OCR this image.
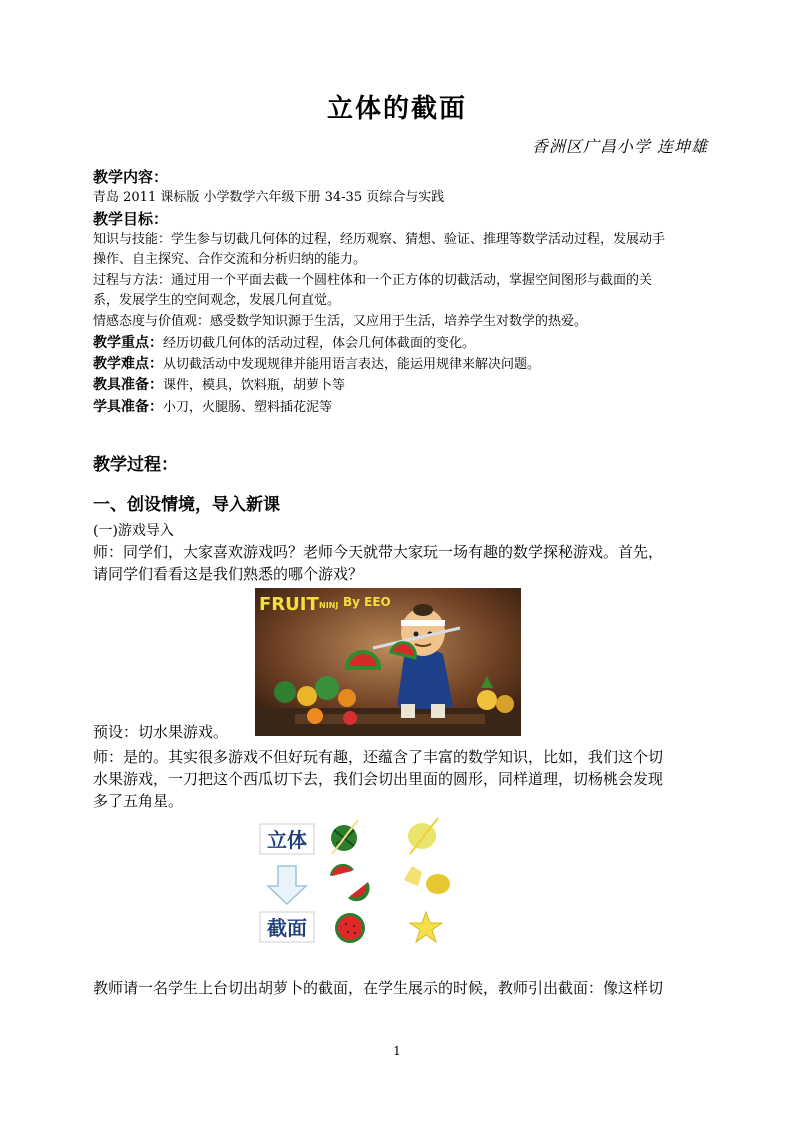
立体的截面
香洲区广昌小学 连坤雄
教学内容：
青岛 2011 课标版 小学数学六年级下册 34-35 页综合与实践
教学目标：
知识与技能：学生参与切截几何体的过程，经历观察、猜想、验证、推理等数学活动过程，发展动手
操作、自主探究、合作交流和分析归纳的能力。
过程与方法：通过用一个平面去截一个圆柱体和一个正方体的切截活动，掌握空间图形与截面的关
系，发展学生的空间观念，发展几何直觉。
情感态度与价值观：感受数学知识源于生活，又应用于生活，培养学生对数学的热爱。
教学重点：经历切截几何体的活动过程，体会几何体截面的变化。
教学难点：从切截活动中发现规律并能用语言表达，能运用规律来解决问题。
教具准备：课件，模具，饮料瓶，胡萝卜等
学具准备：小刀，火腿肠、塑料插花泥等
教学过程：
一、创设情境，导入新课
(一)游戏导入
师：同学们，大家喜欢游戏吗？老师今天就带大家玩一场有趣的数学探秘游戏。首先，
请同学们看看这是我们熟悉的哪个游戏？
FRUIT NINJ By EEO
预设：切水果游戏。
师：是的。其实很多游戏不但好玩有趣，还蕴含了丰富的数学知识，比如，我们这个切
水果游戏，一刀把这个西瓜切下去，我们会切出里面的圆形，同样道理，切杨桃会发现
多了五角星。
立体
截面
教师请一名学生上台切出胡萝卜的截面，在学生展示的时候，教师引出截面：像这样切
1
